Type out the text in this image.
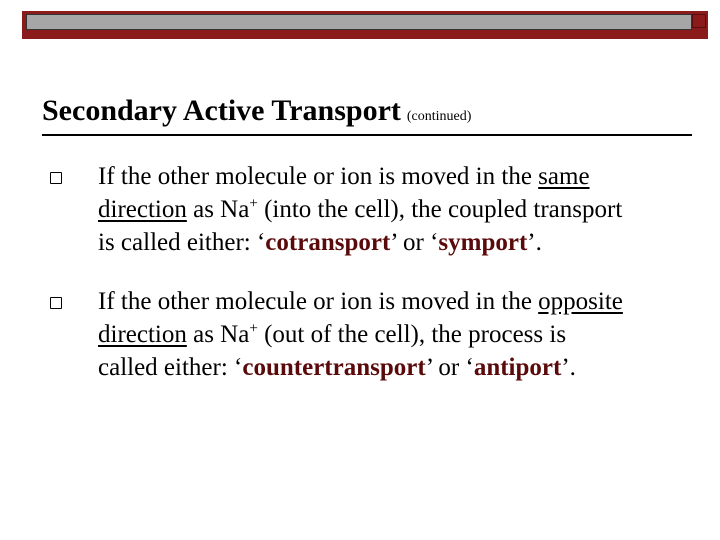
Secondary Active Transport (continued)
If the other molecule or ion is moved in the same
direction as Na+ (into the cell), the coupled transport
is called either: ‘cotransport’ or ‘symport’.
If the other molecule or ion is moved in the opposite
direction as Na+ (out of the cell), the process is
called either: ‘countertransport’ or ‘antiport’.
